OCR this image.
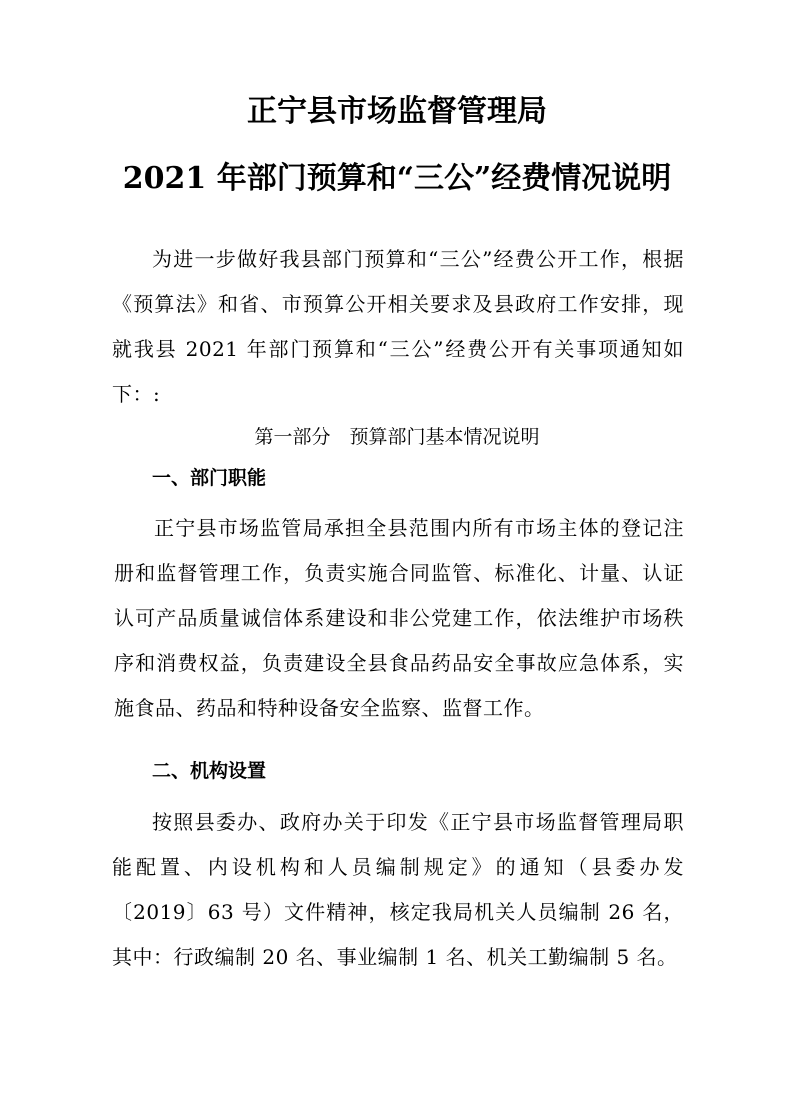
正宁县市场监督管理局
2021 年部门预算和“三公”经费情况说明

为进一步做好我县部门预算和“三公”经费公开工作，根据《预算法》和省、市预算公开相关要求及县政府工作安排，现就我县 2021 年部门预算和“三公”经费公开有关事项通知如下：:

第一部分　预算部门基本情况说明
一、部门职能

正宁县市场监管局承担全县范围内所有市场主体的登记注册和监督管理工作，负责实施合同监管、标准化、计量、认证认可产品质量诚信体系建设和非公党建工作，依法维护市场秩序和消费权益，负责建设全县食品药品安全事故应急体系，实施食品、药品和特种设备安全监察、监督工作。

二、机构设置

按照县委办、政府办关于印发《正宁县市场监督管理局职能配置、内设机构和人员编制规定》的通知（县委办发〔2019〕63 号）文件精神，核定我局机关人员编制 26 名，其中：行政编制 20 名、事业编制 1 名、机关工勤编制 5 名。
